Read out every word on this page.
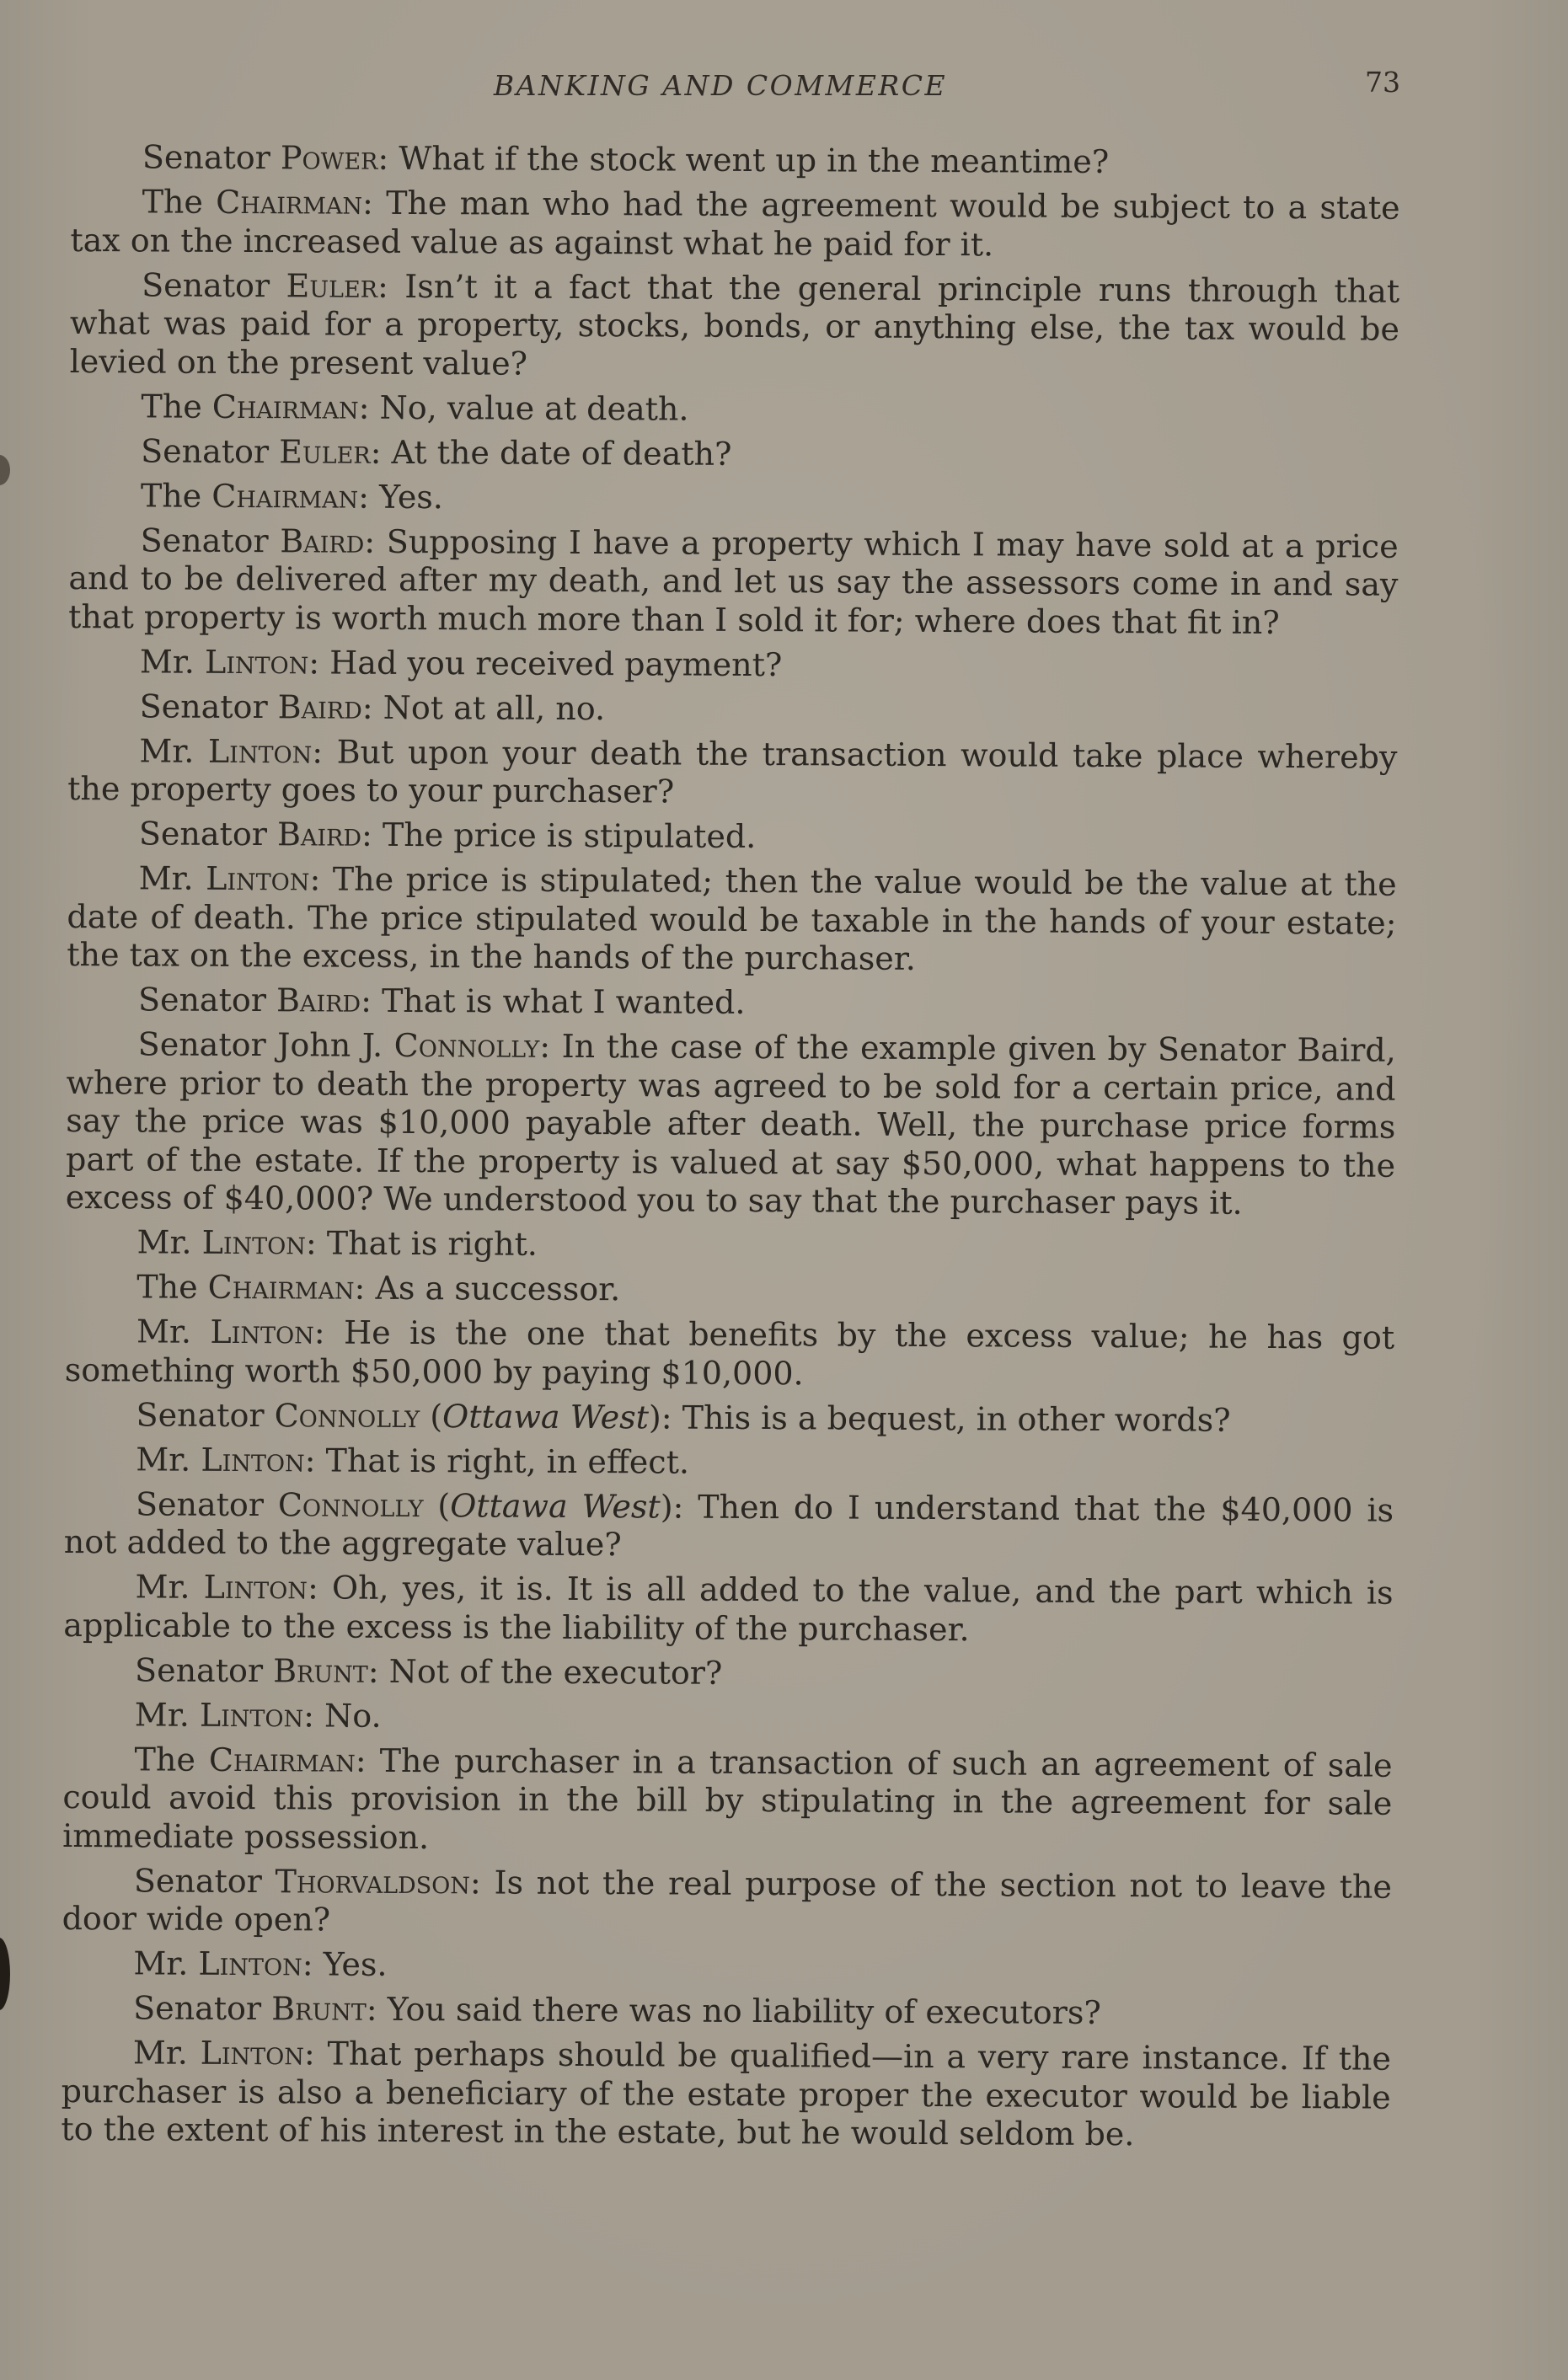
BANKING AND COMMERCE	73

Senator Power: What if the stock went up in the meantime?

The Chairman: The man who had the agreement would be subject to a state tax on the increased value as against what he paid for it.

Senator Euler: Isn’t it a fact that the general principle runs through that what was paid for a property, stocks, bonds, or anything else, the tax would be levied on the present value?

The Chairman: No, value at death.

Senator Euler: At the date of death?

The Chairman: Yes.

Senator Baird: Supposing I have a property which I may have sold at a price and to be delivered after my death, and let us say the assessors come in and say that property is worth much more than I sold it for; where does that fit in?

Mr. Linton: Had you received payment?

Senator Baird: Not at all, no.

Mr. Linton: But upon your death the transaction would take place whereby the property goes to your purchaser?

Senator Baird: The price is stipulated.

Mr. Linton: The price is stipulated; then the value would be the value at the date of death. The price stipulated would be taxable in the hands of your estate; the tax on the excess, in the hands of the purchaser.

Senator Baird: That is what I wanted.

Senator John J. Connolly: In the case of the example given by Senator Baird, where prior to death the property was agreed to be sold for a certain price, and say the price was $10,000 payable after death. Well, the purchase price forms part of the estate. If the property is valued at say $50,000, what happens to the excess of $40,000? We understood you to say that the purchaser pays it.

Mr. Linton: That is right.

The Chairman: As a successor.

Mr. Linton: He is the one that benefits by the excess value; he has got something worth $50,000 by paying $10,000.

Senator Connolly (Ottawa West): This is a bequest, in other words?

Mr. Linton: That is right, in effect.

Senator Connolly (Ottawa West): Then do I understand that the $40,000 is not added to the aggregate value?

Mr. Linton: Oh, yes, it is. It is all added to the value, and the part which is applicable to the excess is the liability of the purchaser.

Senator Brunt: Not of the executor?

Mr. Linton: No.

The Chairman: The purchaser in a transaction of such an agreement of sale could avoid this provision in the bill by stipulating in the agreement for sale immediate possession.

Senator Thorvaldson: Is not the real purpose of the section not to leave the door wide open?

Mr. Linton: Yes.

Senator Brunt: You said there was no liability of executors?

Mr. Linton: That perhaps should be qualified—in a very rare instance. If the purchaser is also a beneficiary of the estate proper the executor would be liable to the extent of his interest in the estate, but he would seldom be.
